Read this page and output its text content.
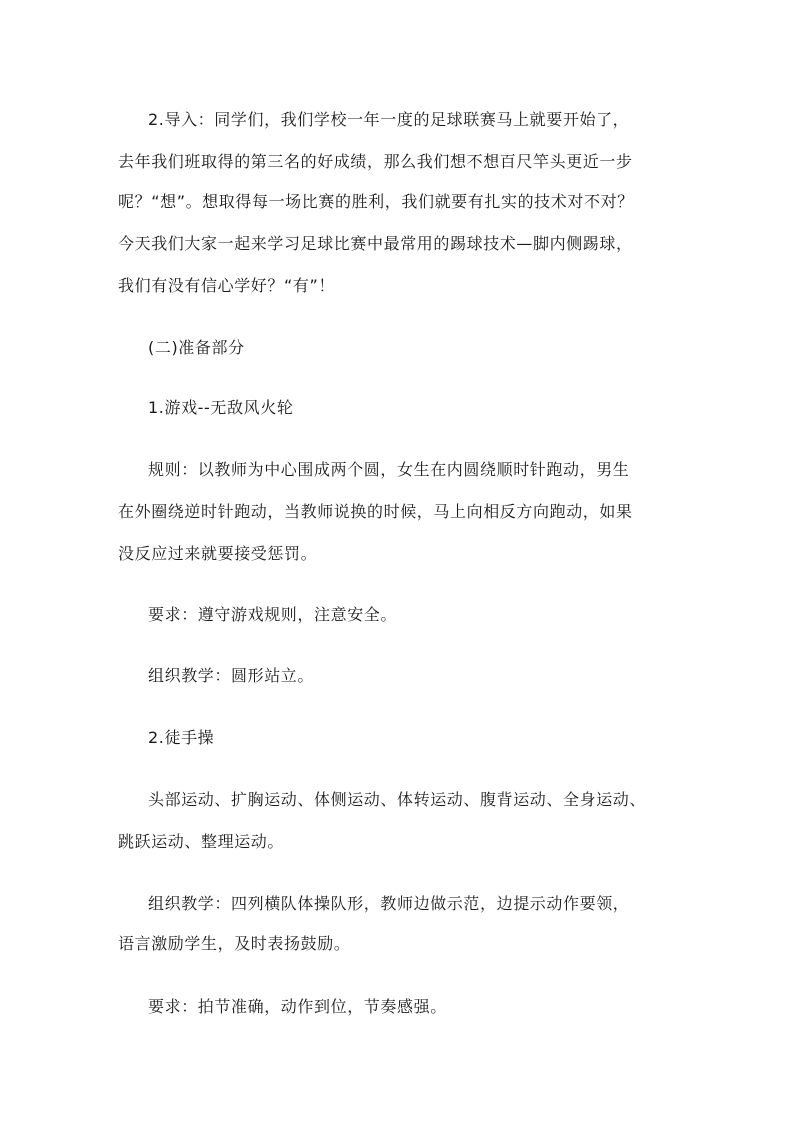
2.导入：同学们，我们学校一年一度的足球联赛马上就要开始了，
去年我们班取得的第三名的好成绩，那么我们想不想百尺竿头更近一步
呢？“想”。想取得每一场比赛的胜利，我们就要有扎实的技术对不对？
今天我们大家一起来学习足球比赛中最常用的踢球技术—脚内侧踢球，
我们有没有信心学好？“有”！
(二)准备部分
1.游戏--无敌风火轮
规则：以教师为中心围成两个圆，女生在内圆绕顺时针跑动，男生
在外圈绕逆时针跑动，当教师说换的时候，马上向相反方向跑动，如果
没反应过来就要接受惩罚。
要求：遵守游戏规则，注意安全。
组织教学：圆形站立。
2.徒手操
头部运动、扩胸运动、体侧运动、体转运动、腹背运动、全身运动、
跳跃运动、整理运动。
组织教学：四列横队体操队形，教师边做示范，边提示动作要领，
语言激励学生，及时表扬鼓励。
要求：拍节准确，动作到位，节奏感强。
